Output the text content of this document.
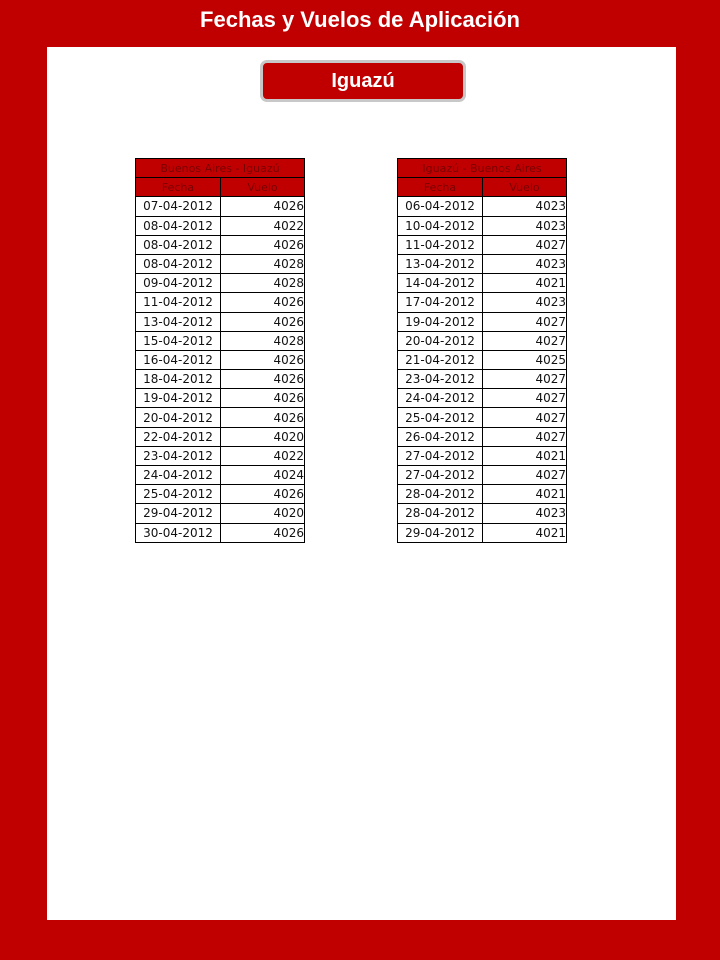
Fechas y Vuelos de Aplicación
Iguazú
Buenos Aires - Iguazú	
Fecha	Vuelo
07-04-2012	4026
08-04-2012	4022
08-04-2012	4026
08-04-2012	4028
09-04-2012	4028
11-04-2012	4026
13-04-2012	4026
15-04-2012	4028
16-04-2012	4026
18-04-2012	4026
19-04-2012	4026
20-04-2012	4026
22-04-2012	4020
23-04-2012	4022
24-04-2012	4024
25-04-2012	4026
29-04-2012	4020
30-04-2012	4026
Iguazú - Buenos Aires	
Fecha	Vuelo
06-04-2012	4023
10-04-2012	4023
11-04-2012	4027
13-04-2012	4023
14-04-2012	4021
17-04-2012	4023
19-04-2012	4027
20-04-2012	4027
21-04-2012	4025
23-04-2012	4027
24-04-2012	4027
25-04-2012	4027
26-04-2012	4027
27-04-2012	4021
27-04-2012	4027
28-04-2012	4021
28-04-2012	4023
29-04-2012	4021
